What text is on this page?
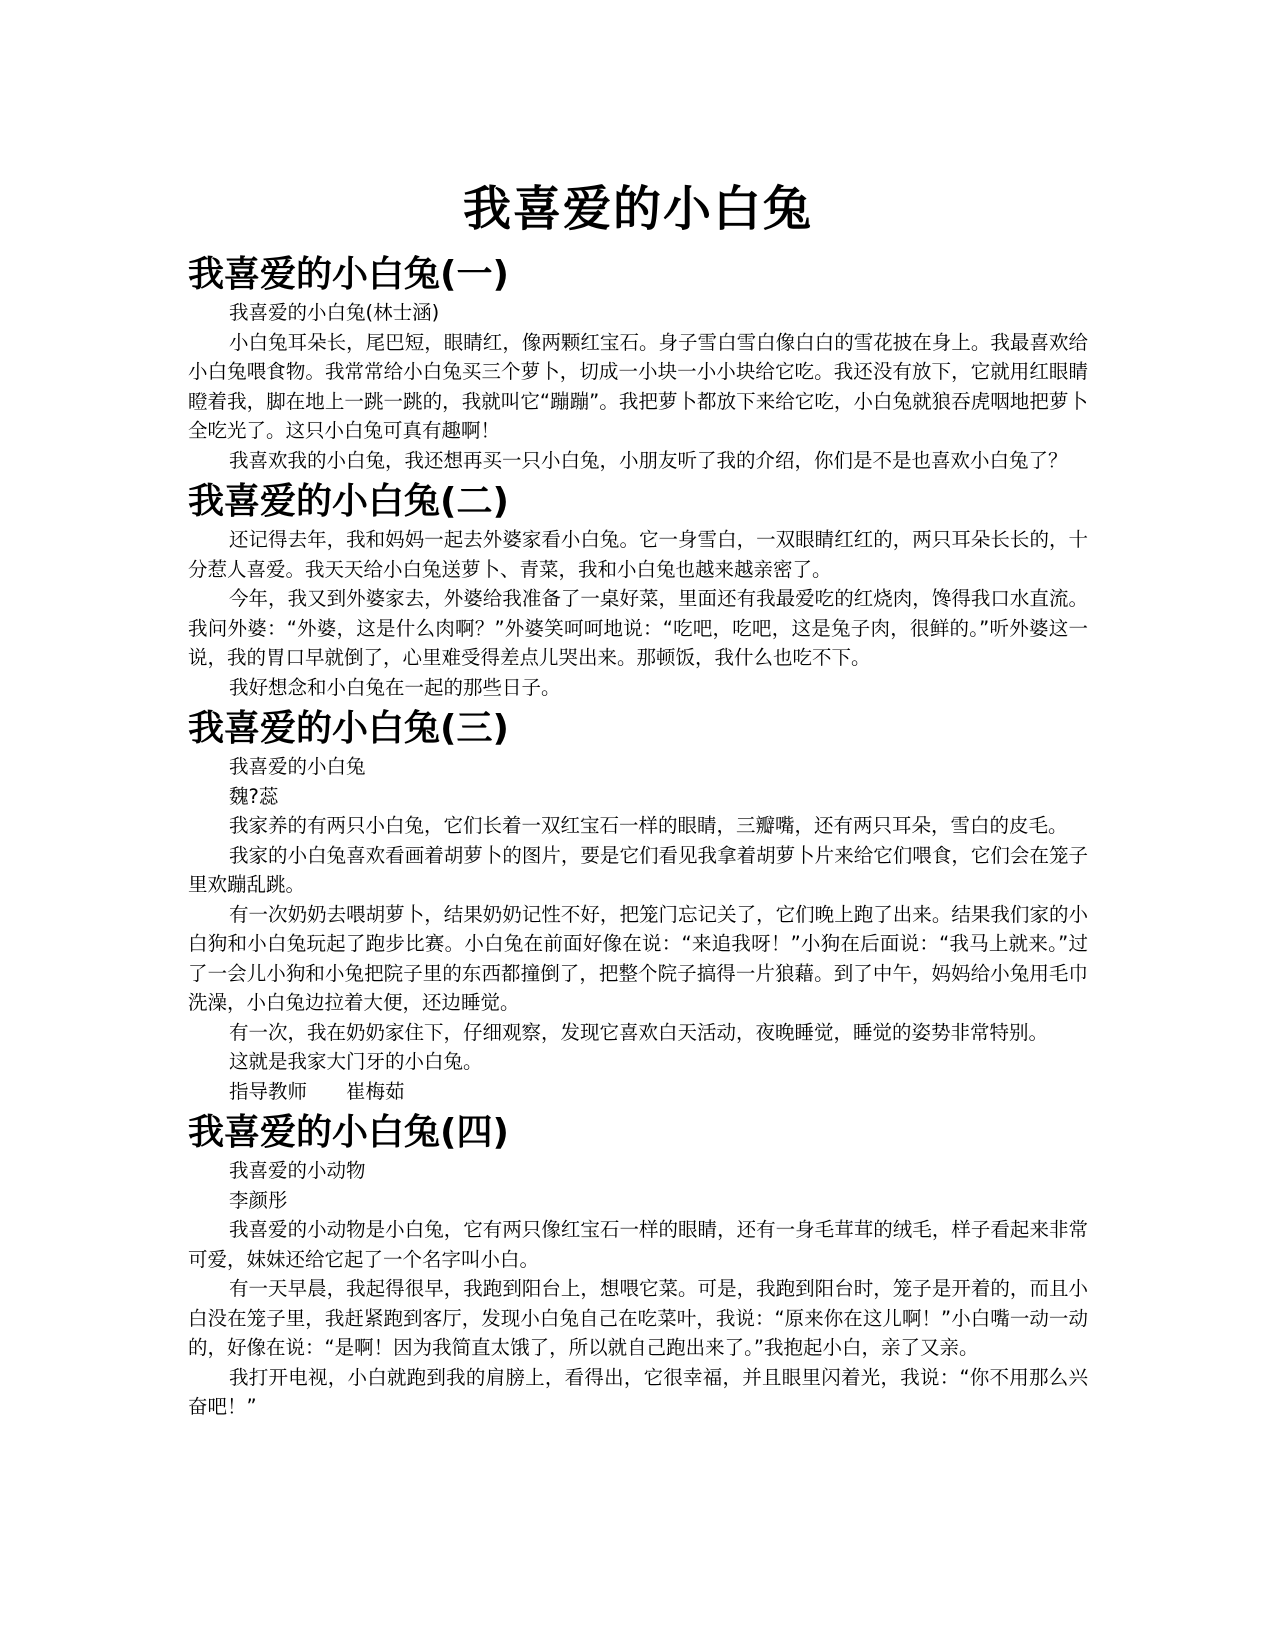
我喜爱的小白兔
我喜爱的小白兔(一)

我喜爱的小白兔(林士涵)

小白兔耳朵长，尾巴短，眼睛红，像两颗红宝石。身子雪白雪白像白白的雪花披在身上。我最喜欢给小白兔喂食物。我常常给小白兔买三个萝卜，切成一小块一小小块给它吃。我还没有放下，它就用红眼睛瞪着我，脚在地上一跳一跳的，我就叫它“蹦蹦”。我把萝卜都放下来给它吃，小白兔就狼吞虎咽地把萝卜全吃光了。这只小白兔可真有趣啊！

我喜欢我的小白兔，我还想再买一只小白兔，小朋友听了我的介绍，你们是不是也喜欢小白兔了？

我喜爱的小白兔(二)

还记得去年，我和妈妈一起去外婆家看小白兔。它一身雪白，一双眼睛红红的，两只耳朵长长的，十分惹人喜爱。我天天给小白兔送萝卜、青菜，我和小白兔也越来越亲密了。

今年，我又到外婆家去，外婆给我准备了一桌好菜，里面还有我最爱吃的红烧肉，馋得我口水直流。我问外婆：“外婆，这是什么肉啊？”外婆笑呵呵地说：“吃吧，吃吧，这是兔子肉，很鲜的。”听外婆这一说，我的胃口早就倒了，心里难受得差点儿哭出来。那顿饭，我什么也吃不下。

我好想念和小白兔在一起的那些日子。

我喜爱的小白兔(三)

我喜爱的小白兔

魏?蕊

我家养的有两只小白兔，它们长着一双红宝石一样的眼睛，三瓣嘴，还有两只耳朵，雪白的皮毛。

我家的小白兔喜欢看画着胡萝卜的图片，要是它们看见我拿着胡萝卜片来给它们喂食，它们会在笼子里欢蹦乱跳。

有一次奶奶去喂胡萝卜，结果奶奶记性不好，把笼门忘记关了，它们晚上跑了出来。结果我们家的小白狗和小白兔玩起了跑步比赛。小白兔在前面好像在说：“来追我呀！”小狗在后面说：“我马上就来。”过了一会儿小狗和小兔把院子里的东西都撞倒了，把整个院子搞得一片狼藉。到了中午，妈妈给小兔用毛巾洗澡，小白兔边拉着大便，还边睡觉。

有一次，我在奶奶家住下，仔细观察，发现它喜欢白天活动，夜晚睡觉，睡觉的姿势非常特别。

这就是我家大门牙的小白兔。

指导教师　　崔梅茹

我喜爱的小白兔(四)

我喜爱的小动物

李颜彤

我喜爱的小动物是小白兔，它有两只像红宝石一样的眼睛，还有一身毛茸茸的绒毛，样子看起来非常可爱，妹妹还给它起了一个名字叫小白。

有一天早晨，我起得很早，我跑到阳台上，想喂它菜。可是，我跑到阳台时，笼子是开着的，而且小白没在笼子里，我赶紧跑到客厅，发现小白兔自己在吃菜叶，我说：“原来你在这儿啊！”小白嘴一动一动的，好像在说：“是啊！因为我简直太饿了，所以就自己跑出来了。”我抱起小白，亲了又亲。

我打开电视，小白就跑到我的肩膀上，看得出，它很幸福，并且眼里闪着光，我说：“你不用那么兴奋吧！”
